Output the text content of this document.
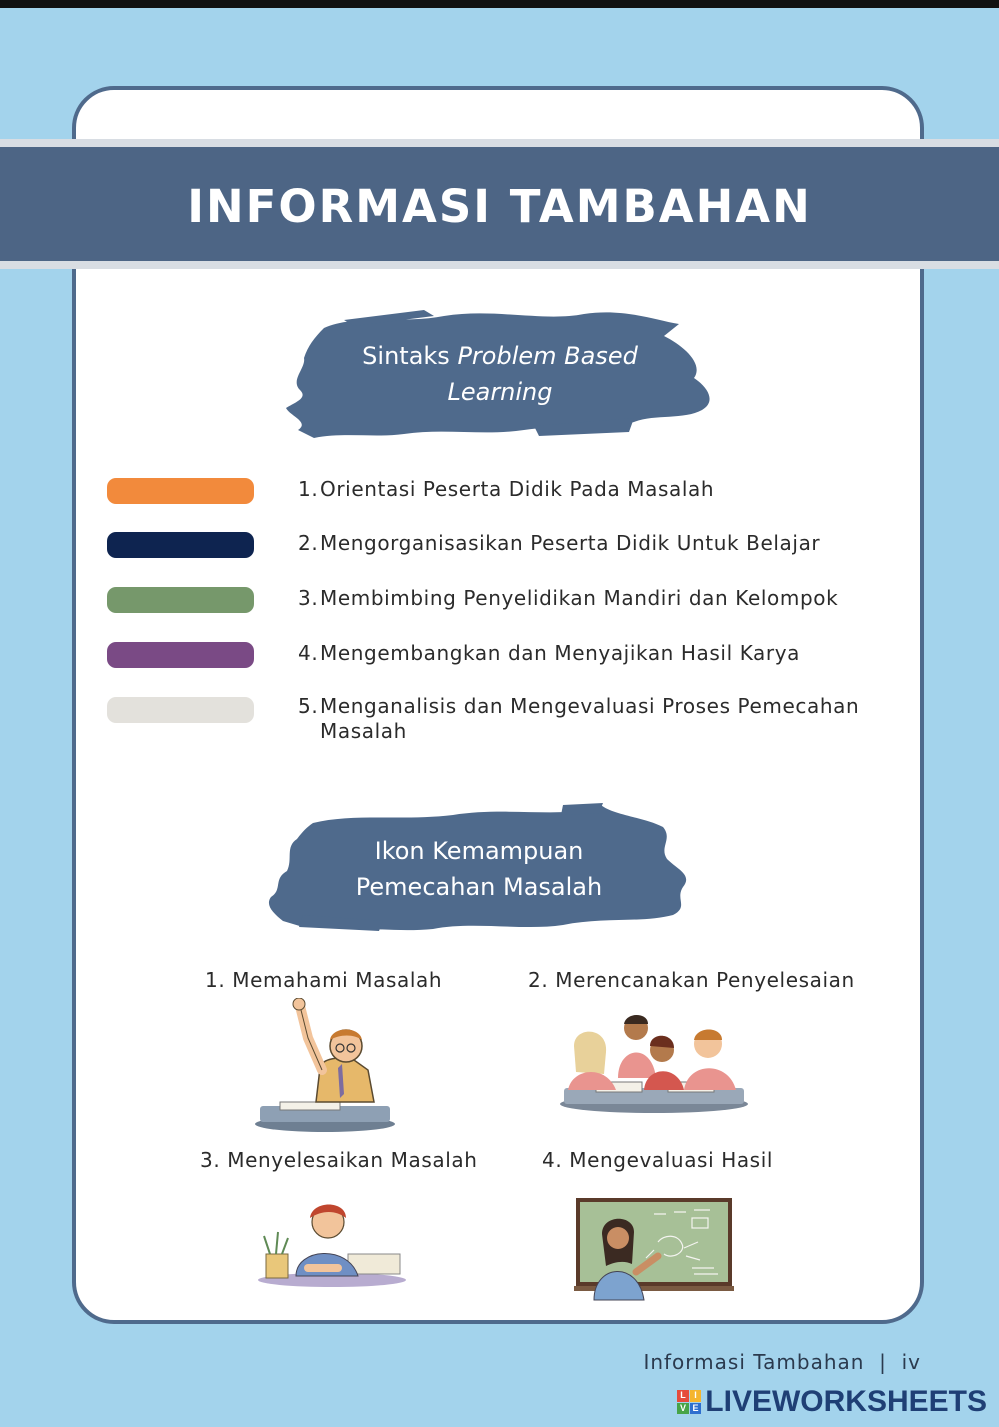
INFORMASI TAMBAHAN
Sintaks Problem Based
Learning
1.Orientasi Peserta Didik Pada Masalah
2.Mengorganisasikan Peserta Didik Untuk Belajar
3.Membimbing Penyelidikan Mandiri dan Kelompok
4.Mengembangkan dan Menyajikan Hasil Karya
5.Menganalisis dan Mengevaluasi Proses Pemecahan
Masalah
Ikon Kemampuan
Pemecahan Masalah
1. Memahami Masalah	2. Merencanakan Penyelesaian
3. Menyelesaikan Masalah	4. Mengevaluasi Hasil
Informasi Tambahan  |  iv
L I
V E LIVEWORKSHEETS
